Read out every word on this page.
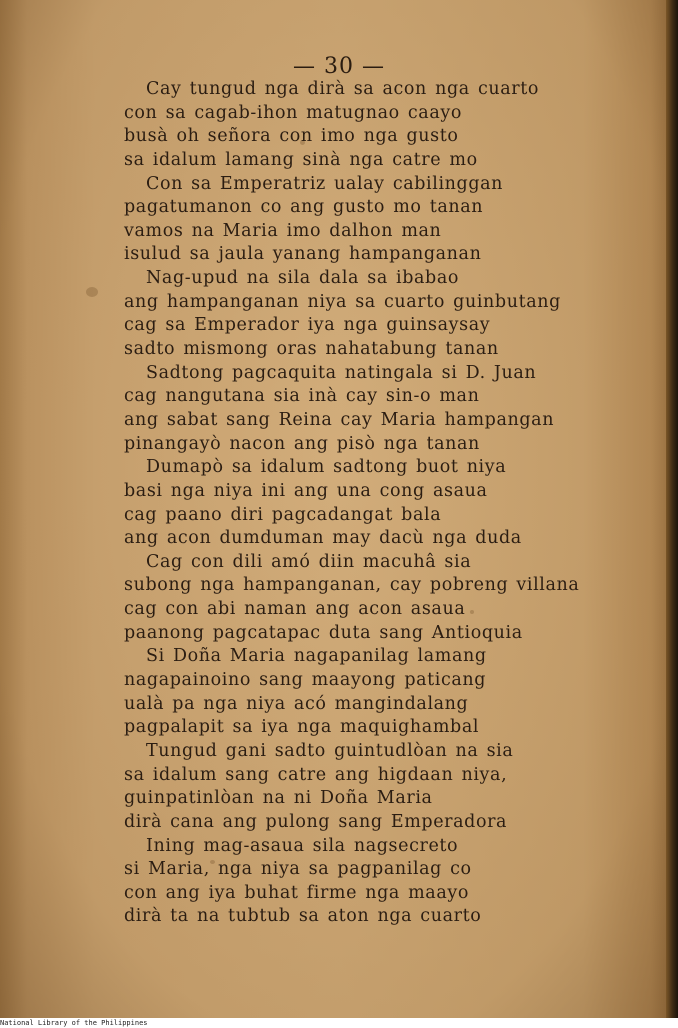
— 30 —
Cay tungud nga dirà sa acon nga cuarto
con sa cagab-ihon matugnao caayo
busà oh señora con imo nga gusto
sa idalum lamang sinà nga catre mo
Con sa Emperatriz ualay cabilinggan
pagatumanon co ang gusto mo tanan
vamos na Maria imo dalhon man
isulud sa jaula yanang hampanganan
Nag-upud na sila dala sa ibabao
ang hampanganan niya sa cuarto guinbutang
cag sa Emperador iya nga guinsaysay
sadto mismong oras nahatabung tanan
Sadtong pagcaquita natingala si D. Juan
cag nangutana sia inà cay sin-o man
ang sabat sang Reina cay Maria hampangan
pinangayò nacon ang pisò nga tanan
Dumapò sa idalum sadtong buot niya
basi nga niya ini ang una cong asaua
cag paano diri pagcadangat bala
ang acon dumduman may dacù nga duda
Cag con dili amó diin macuhâ sia
subong nga hampanganan, cay pobreng villana
cag con abi naman ang acon asaua
paanong pagcatapac duta sang Antioquia
Si Doña Maria nagapanilag lamang
nagapainoino sang maayong paticang
ualà pa nga niya acó mangindalang
pagpalapit sa iya nga maquighambal
Tungud gani sadto guintudlòan na sia
sa idalum sang catre ang higdaan niya,
guinpatinlòan na ni Doña Maria
dirà cana ang pulong sang Emperadora
Ining mag-asaua sila nagsecreto
si Maria, nga niya sa pagpanilag co
con ang iya buhat firme nga maayo
dirà ta na tubtub sa aton nga cuarto
National Library of the Philippines
